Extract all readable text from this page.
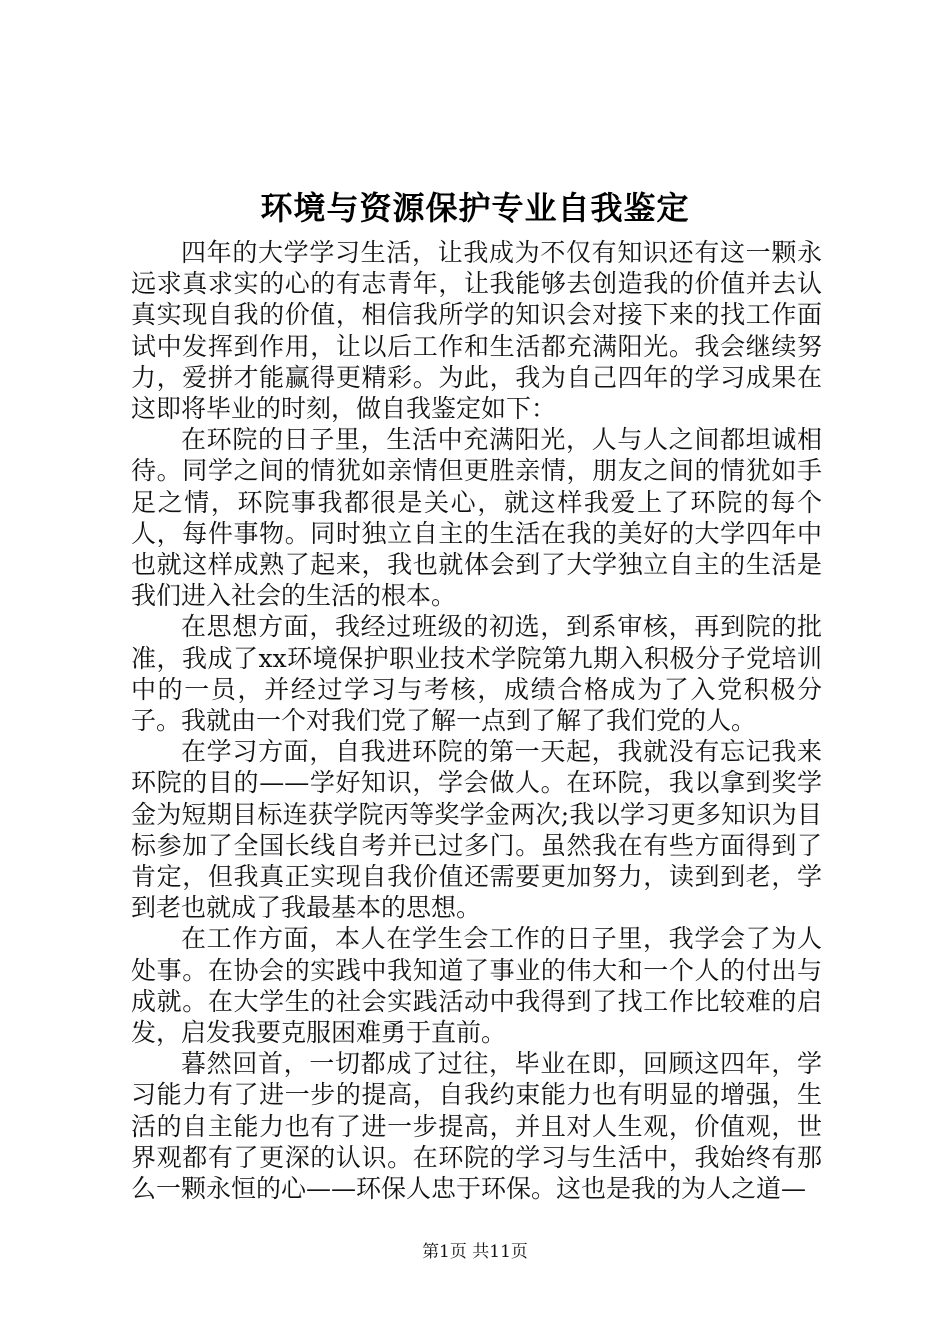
环境与资源保护专业自我鉴定

四年的大学学习生活，让我成为不仅有知识还有这一颗永远求真求实的心的有志青年，让我能够去创造我的价值并去认真实现自我的价值，相信我所学的知识会对接下来的找工作面试中发挥到作用，让以后工作和生活都充满阳光。我会继续努力，爱拼才能赢得更精彩。为此，我为自己四年的学习成果在这即将毕业的时刻，做自我鉴定如下：

在环院的日子里，生活中充满阳光，人与人之间都坦诚相待。同学之间的情犹如亲情但更胜亲情，朋友之间的情犹如手足之情，环院事我都很是关心，就这样我爱上了环院的每个人，每件事物。同时独立自主的生活在我的美好的大学四年中也就这样成熟了起来，我也就体会到了大学独立自主的生活是我们进入社会的生活的根本。

在思想方面，我经过班级的初选，到系审核，再到院的批准，我成了xx环境保护职业技术学院第九期入积极分子党培训中的一员，并经过学习与考核，成绩合格成为了入党积极分子。我就由一个对我们党了解一点到了解了我们党的人。

在学习方面，自我进环院的第一天起，我就没有忘记我来环院的目的——学好知识，学会做人。在环院，我以拿到奖学金为短期目标连获学院丙等奖学金两次;我以学习更多知识为目标参加了全国长线自考并已过多门。虽然我在有些方面得到了肯定，但我真正实现自我价值还需要更加努力，读到到老，学到老也就成了我最基本的思想。

在工作方面，本人在学生会工作的日子里，我学会了为人处事。在协会的实践中我知道了事业的伟大和一个人的付出与成就。在大学生的社会实践活动中我得到了找工作比较难的启发，启发我要克服困难勇于直前。

暮然回首，一切都成了过往，毕业在即，回顾这四年，学习能力有了进一步的提高，自我约束能力也有明显的增强，生活的自主能力也有了进一步提高，并且对人生观，价值观，世界观都有了更深的认识。在环院的学习与生活中，我始终有那么一颗永恒的心——环保人忠于环保。这也是我的为人之道—

第1页 共11页
